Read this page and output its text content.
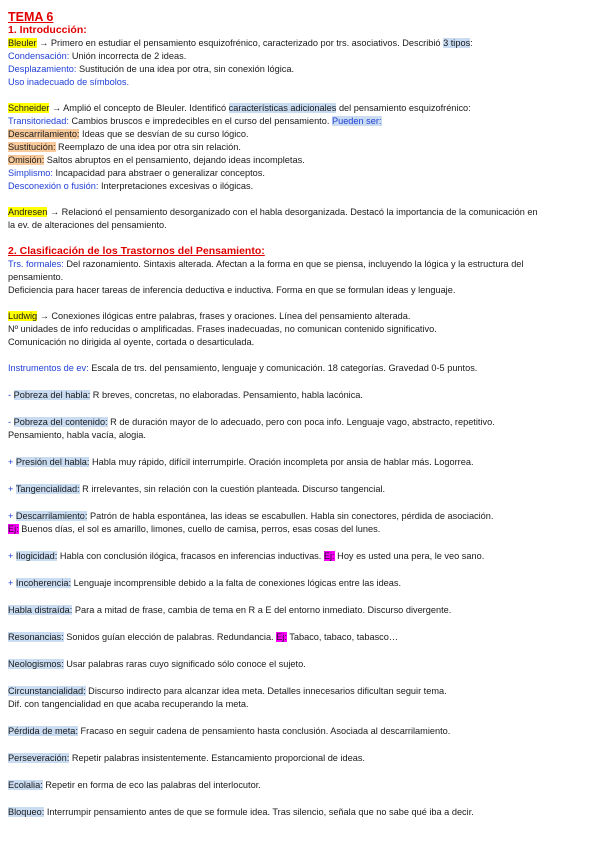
TEMA 6
1. Introducción:

Bleuler → Primero en estudiar el pensamiento esquizofrénico, caracterizado por trs. asociativos. Describió 3 tipos:

Condensación: Unión incorrecta de 2 ideas.

Desplazamiento: Sustitución de una idea por otra, sin conexión lógica.

Uso inadecuado de símbolos.

Schneider → Amplió el concepto de Bleuler. Identificó características adicionales del pensamiento esquizofrénico:

Transitoriedad: Cambios bruscos e impredecibles en el curso del pensamiento. Pueden ser:

Descarrilamiento: Ideas que se desvían de su curso lógico.

Sustitución: Reemplazo de una idea por otra sin relación.

Omisión: Saltos abruptos en el pensamiento, dejando ideas incompletas.

Simplismo: Incapacidad para abstraer o generalizar conceptos.

Desconexión o fusión: Interpretaciones excesivas o ilógicas.

Andresen → Relacionó el pensamiento desorganizado con el habla desorganizada. Destacó la importancia de la comunicación en

la ev. de alteraciones del pensamiento.

2. Clasificación de los Trastornos del Pensamiento:

Trs. formales: Del razonamiento. Sintaxis alterada. Afectan a la forma en que se piensa, incluyendo la lógica y la estructura del

pensamiento.

Deficiencia para hacer tareas de inferencia deductiva e inductiva. Forma en que se formulan ideas y lenguaje.

Ludwig → Conexiones ilógicas entre palabras, frases y oraciones. Línea del pensamiento alterada.

Nº unidades de info reducidas o amplificadas. Frases inadecuadas, no comunican contenido significativo.

Comunicación no dirigida al oyente, cortada o desarticulada.

Instrumentos de ev: Escala de trs. del pensamiento, lenguaje y comunicación. 18 categorías. Gravedad 0-5 puntos.

- Pobreza del habla: R breves, concretas, no elaboradas. Pensamiento, habla lacónica.

- Pobreza del contenido: R de duración mayor de lo adecuado, pero con poca info. Lenguaje vago, abstracto, repetitivo.

Pensamiento, habla vacía, alogia.

+ Presión del habla: Habla muy rápido, difícil interrumpirle. Oración incompleta por ansia de hablar más. Logorrea.

+ Tangencialidad: R irrelevantes, sin relación con la cuestión planteada. Discurso tangencial.

+ Descarrilamiento: Patrón de habla espontánea, las ideas se escabullen. Habla sin conectores, pérdida de asociación.

Ej: Buenos días, el sol es amarillo, limones, cuello de camisa, perros, esas cosas del lunes.

+ Ilogicidad: Habla con conclusión ilógica, fracasos en inferencias inductivas. Ej: Hoy es usted una pera, le veo sano.

+ Incoherencia: Lenguaje incomprensible debido a la falta de conexiones lógicas entre las ideas.

Habla distraída: Para a mitad de frase, cambia de tema en R a E del entorno inmediato. Discurso divergente.

Resonancias: Sonidos guían elección de palabras. Redundancia. Ej: Tabaco, tabaco, tabasco…

Neologismos: Usar palabras raras cuyo significado sólo conoce el sujeto.

Circunstancialidad: Discurso indirecto para alcanzar idea meta. Detalles innecesarios dificultan seguir tema.

Dif. con tangencialidad en que acaba recuperando la meta.

Pérdida de meta: Fracaso en seguir cadena de pensamiento hasta conclusión. Asociada al descarrilamiento.

Perseveración: Repetir palabras insistentemente. Estancamiento proporcional de ideas.

Ecolalia: Repetir en forma de eco las palabras del interlocutor.

Bloqueo: Interrumpir pensamiento antes de que se formule idea. Tras silencio, señala que no sabe qué iba a decir.
